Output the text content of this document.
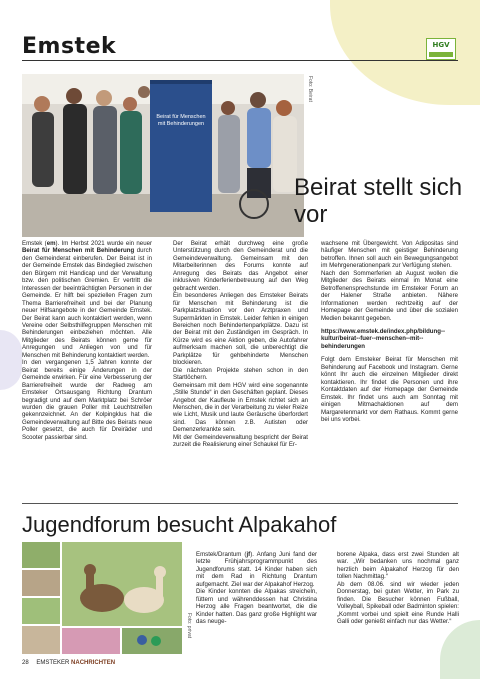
Emstek	HGV
Beirat für Menschen
mit Behinderungen
Foto: Beirat
Beirat stellt sich vor

Emstek (em). Im Herbst 2021 wurde ein neuer Beirat für Menschen mit Behinderung durch den Gemeinderat einberufen. Der Beirat ist in der Gemeinde Emstek das Bindeglied zwischen den Bürgern mit Handicap und der Verwaltung bzw. den politischen Gremien. Er vertritt die Interessen der beeinträchtigten Personen in der Gemeinde. Er hilft bei speziellen Fragen zum Thema Barrierefreiheit und bei der Planung neuer Hilfsangebote in der Gemeinde Emstek. Der Beirat kann auch kontaktiert werden, wenn Vereine oder Selbsthilfegruppen Menschen mit Behinderungen einbeziehen möchten. Alle Mitglieder des Beirats können gerne für Anregungen und Anliegen von und für Menschen mit Behinderung kontaktiert werden.

In den vergangenen 1,5 Jahren konnte der Beirat bereits einige Änderungen in der Gemeinde erwirken. Für eine Verbesserung der Barrierefreiheit wurde der Radweg am Emsteker Ortsausgang Richtung Drantum begradigt und auf dem Marktplatz bei Schröer wurden die grauen Poller mit Leuchtstreifen gekennzeichnet. An der Kolpingklus hat die Gemeindeverwaltung auf Bitte des Beirats neue Poller gesetzt, die auch für Dreiräder und Scooter passierbar sind.

Der Beirat erhält durchweg eine große Unterstützung durch den Gemeinderat und die Gemeindeverwaltung. Gemeinsam mit den Mitarbeiterinnen des Forums konnte auf Anregung des Beirats das Angebot einer inklusiven Kinderferienbetreuung auf den Weg gebracht werden.

Ein besonderes Anliegen des Emsteker Beirats für Menschen mit Behinderung ist die Parkplatzsituation vor den Arztpraxen und Supermärkten in Emstek. Leider fehlen in einigen Bereichen noch Behindertenparkplätze. Dazu ist der Beirat mit den Zuständigen im Gespräch. In Kürze wird es eine Aktion geben, die Autofahrer aufmerksam machen soll, die unberechtigt die Parkplätze für gehbehinderte Menschen blockieren.

Die nächsten Projekte stehen schon in den Startlöchern.

Gemeinsam mit dem HGV wird eine sogenannte „Stille Stunde“ in den Geschäften geplant. Dieses Angebot der Kaufleute in Emstek richtet sich an Menschen, die in der Verarbeitung zu vieler Reize wie Licht, Musik und laute Geräusche überfordert sind. Das können z.B. Autisten oder Demenzerkrankte sein.

Mit der Gemeindeverwaltung bespricht der Beirat zurzeit die Realisierung einer Schaukel für Er-

wachsene mit Übergewicht. Von Adipositas sind häufiger Menschen mit geistiger Behinderung betroffen. Ihnen soll auch ein Bewegungsangebot im Mehrgenerationenpark zur Verfügung stehen.

Nach den Sommerferien ab August wollen die Mitglieder des Beirats einmal im Monat eine Betroffenensprechstunde im Emsteker Forum an der Halener Straße anbieten. Nähere Informationen werden rechtzeitig auf der Homepage der Gemeinde und über die sozialen Medien bekannt gegeben.

https://www.emstek.de/index.php/bildung--kultur/beirat--fuer--menschen--mit--behinderungen

Folgt dem Emsteker Beirat für Menschen mit Behinderung auf Facebook und Instagram. Gerne könnt Ihr auch die einzelnen Mitglieder direkt kontaktieren. Ihr findet die Personen und ihre Kontaktdaten auf der Homepage der Gemeinde Emstek. Ihr findet uns auch am Sonntag mit einigen Mitmachaktionen auf dem Margaretenmarkt vor dem Rathaus. Kommt gerne bei uns vorbei.

Jugendforum besucht Alpakahof
Foto: privat

Emstek/Drantum (jf). Anfang Juni fand der letzte Frühjahrsprogrammpunkt des Jugendforums statt. 14 Kinder haben sich mit dem Rad in Richtung Drantum aufgemacht. Ziel war der Alpakahof Herzog.

Die Kinder konnten die Alpakas streicheln, füttern und währenddessen hat Christina Herzog alle Fragen beantwortet, die die Kinder hatten. Das ganz große Highlight war das neuge-

borene Alpaka, dass erst zwei Stunden alt war. „Wir bedanken uns nochmal ganz herzlich beim Alpakahof Herzog für den tollen Nachmittag.“

Ab dem 08.06. sind wir wieder jeden Donnerstag, bei guten Wetter, im Park zu finden. Die Besucher können Fußball, Volleyball, Spikeball oder Badminton spielen: „Kommt vorbei und spielt eine Runde Halli Galli oder genießt einfach nur das Wetter.“

28 EMSTEKER NACHRICHTEN
